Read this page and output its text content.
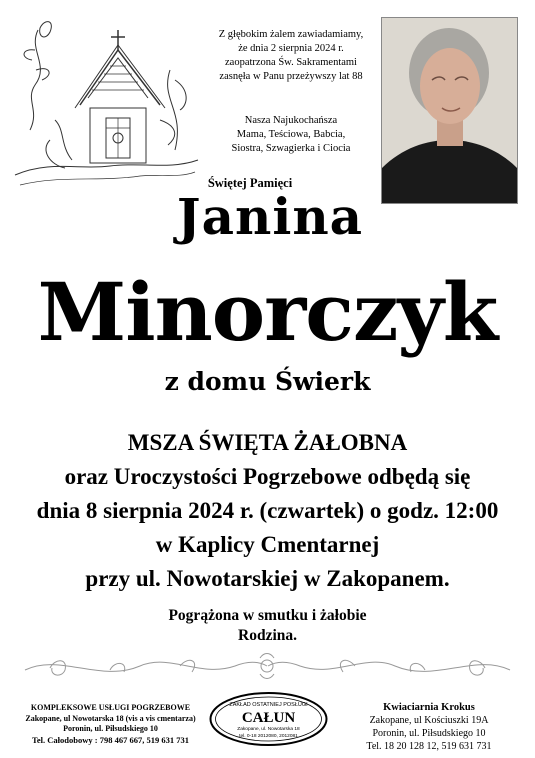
Z głębokim żalem zawiadamiamy,
że dnia 2 sierpnia 2024 r.
zaopatrzona Św. Sakramentami
zasnęła w Panu przeżywszy lat 88
Nasza Najukochańsza
Mama, Teściowa, Babcia,
Siostra, Szwagierka i Ciocia
Świętej Pamięci
Janina
Minorczyk
z domu Świerk
MSZA ŚWIĘTA ŻAŁOBNA
oraz Uroczystości Pogrzebowe odbędą się
dnia 8 sierpnia 2024 r. (czwartek) o godz. 12:00
w Kaplicy Cmentarnej
przy ul. Nowotarskiej w Zakopanem.
Pogrążona w smutku i żałobie
Rodzina.
KOMPLEKSOWE USŁUGI POGRZEBOWE
Zakopane, ul Nowotarska 18 (vis a vis cmentarza)
Poronin, ul. Piłsudskiego 10
Tel. Całodobowy : 798 467 667, 519 631 731
ZAKŁAD OSTATNIEJ POSŁUGI
CAŁUN
Zakopane, ul. Nowotarska 18
tel. 0-18 2012080, 2012081
Kwiaciarnia Krokus
Zakopane, ul Kościuszki 19A
Poronin, ul. Piłsudskiego 10
Tel. 18 20 128 12, 519 631 731
